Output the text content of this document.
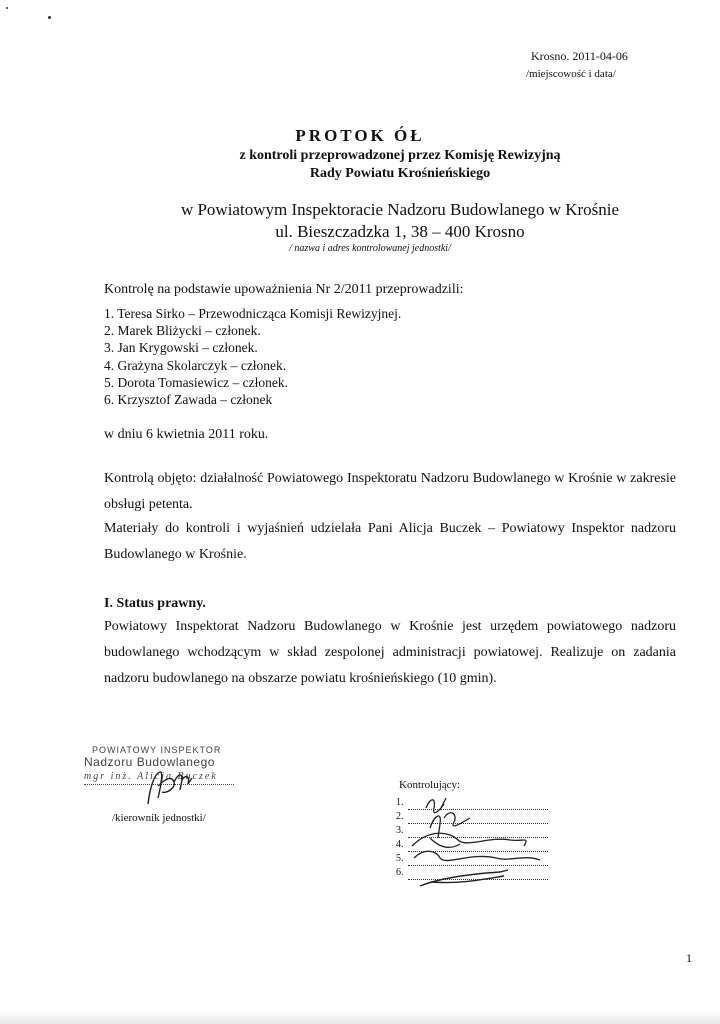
Krosno. 2011-04-06
/miejscowość i data/
PROTOK ÓŁ
z kontroli przeprowadzonej przez Komisję Rewizyjną
Rady Powiatu Krośnieńskiego
w Powiatowym Inspektoracie Nadzoru Budowlanego w Krośnie
ul. Bieszczadzka 1, 38 – 400 Krosno
/ nazwa i adres kontrolowanej jednostki/
Kontrolę na podstawie upoważnienia Nr 2/2011 przeprowadzili:
1. Teresa Sirko – Przewodnicząca Komisji Rewizyjnej.
2. Marek Bliżycki – członek.
3. Jan Krygowski – członek.
4. Grażyna Skolarczyk – członek.
5. Dorota Tomasiewicz – członek.
6. Krzysztof Zawada – członek
w dniu 6 kwietnia 2011 roku.
Kontrolą objęto: działalność Powiatowego Inspektoratu Nadzoru Budowlanego w Krośnie w zakresie obsługi petenta.
Materiały do kontroli i wyjaśnień udzielała Pani Alicja Buczek – Powiatowy Inspektor nadzoru Budowlanego w Krośnie.
I. Status prawny.
Powiatowy Inspektorat Nadzoru Budowlanego w Krośnie jest urzędem powiatowego nadzoru budowlanego wchodzącym w skład zespolonej administracji powiatowej. Realizuje on zadania nadzoru budowlanego na obszarze powiatu krośnieńskiego (10 gmin).
POWIATOWY INSPEKTOR
Nadzoru Budowlanego
mgr inż. Alicja Buczek
/kierownik jednostki/
Kontrolujący:
1.
2.
3.
4.
5.
6.
1
